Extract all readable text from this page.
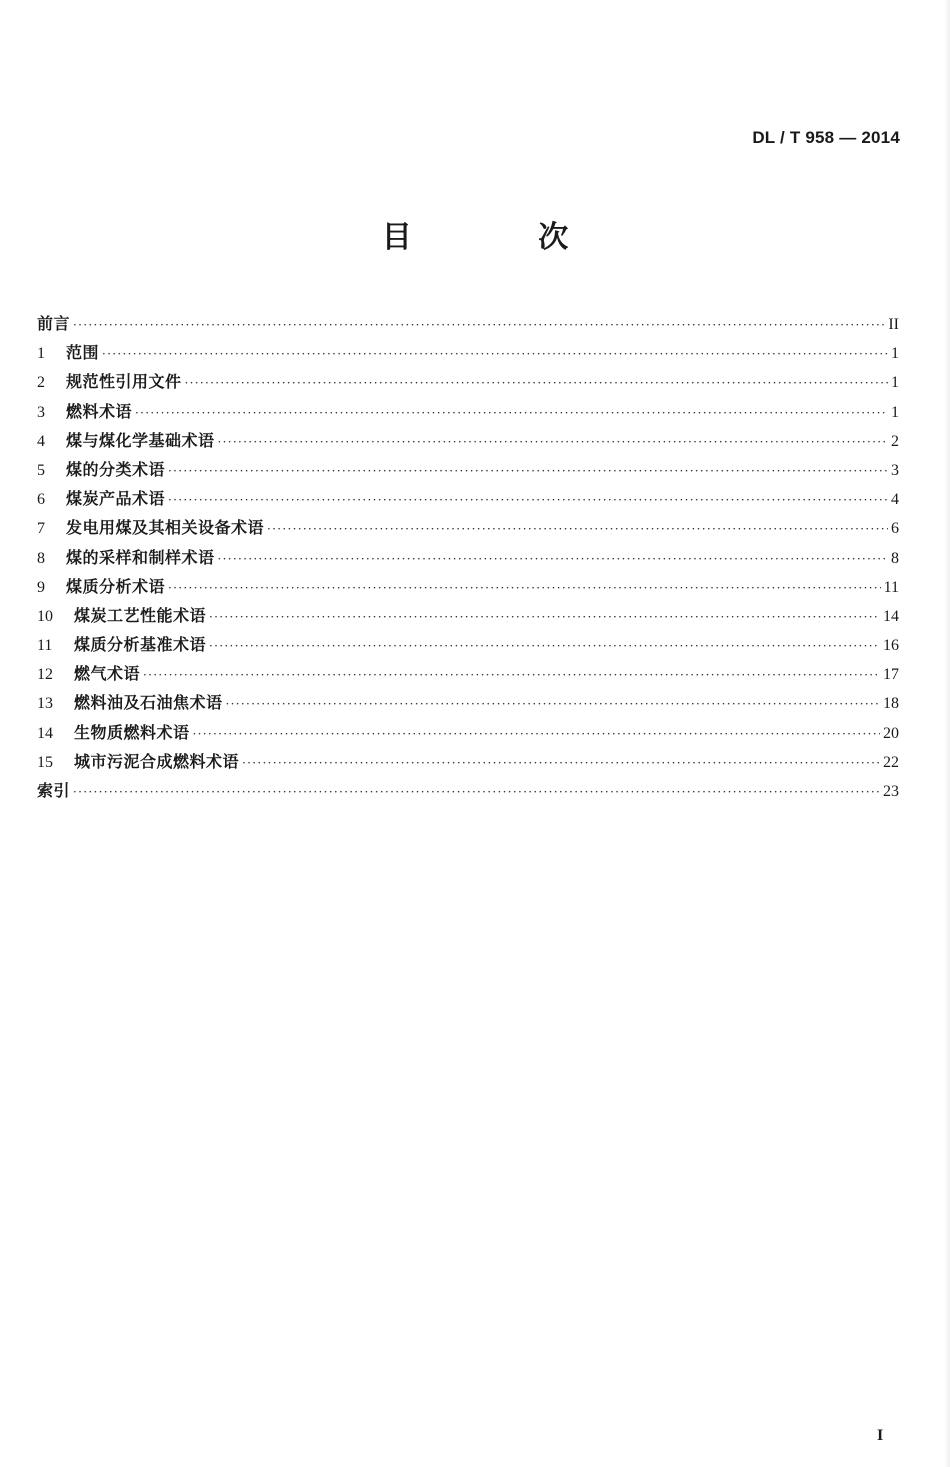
DL / T 958 — 2014
目 次
前言 ·····	II
1	范围 ·····	1
2	规范性引用文件 ·····	1
3	燃料术语 ·····	1
4	煤与煤化学基础术语 ·····	2
5	煤的分类术语 ·····	3
6	煤炭产品术语 ·····	4
7	发电用煤及其相关设备术语 ·····	6
8	煤的采样和制样术语 ·····	8
9	煤质分析术语 ·····	11
10	煤炭工艺性能术语 ·····	14
11	煤质分析基准术语 ·····	16
12	燃气术语 ·····	17
13	燃料油及石油焦术语 ·····	18
14	生物质燃料术语 ·····	20
15	城市污泥合成燃料术语 ·····	22
索引 ·····	23
I
